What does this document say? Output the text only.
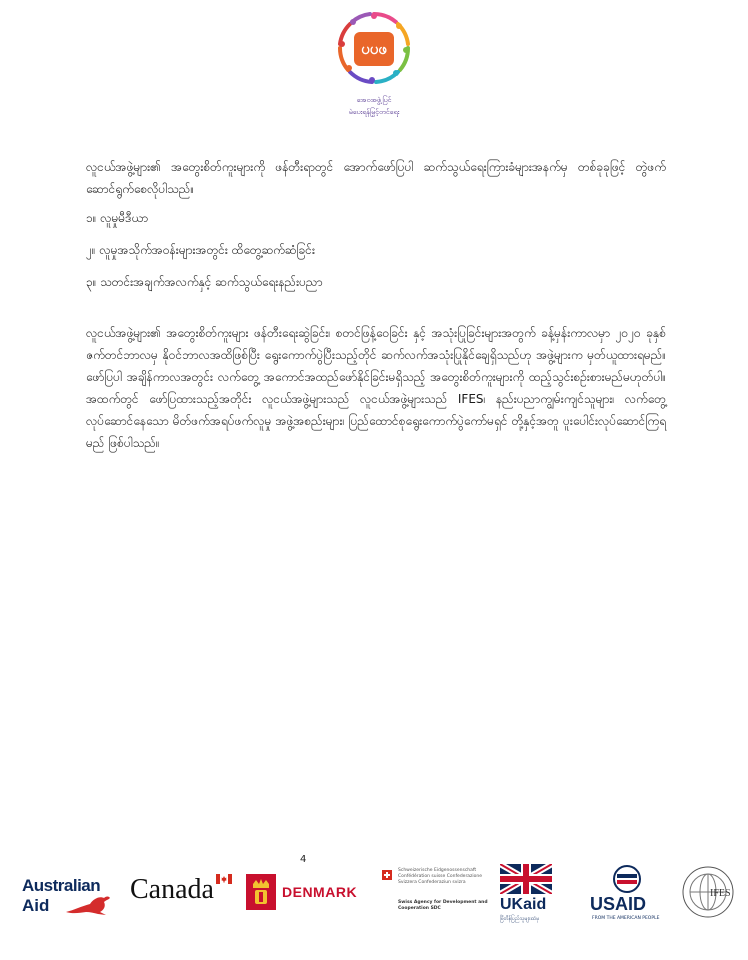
ပပဖ
အေဝအဖွဲ့ပြင်
မဲပေးရန်မြှင့်တင်ရေး
လူငယ်အဖွဲ့များ၏ အတွေးစိတ်ကူးများကို ဖန်တီးရာတွင် အောက်ဖော်ပြပါ ဆက်သွယ်ရေးကြားခံများအနက်မှ တစ်ခုခုဖြင့် တွဲဖက်ဆောင်ရွက်စေလိုပါသည်။
၁။ လူမှုမီဒီယာ
၂။ လူမှုအသိုက်အဝန်းများအတွင်း ထိတွေ့ဆက်ဆံခြင်း
၃။ သတင်းအချက်အလက်နှင့် ဆက်သွယ်ရေးနည်းပညာ
လူငယ်အဖွဲ့များ၏ အတွေးစိတ်ကူးများ ဖန်တီးရေးဆွဲခြင်း၊ စတင်ဖြန့်ဝေခြင်း နှင့် အသုံးပြုခြင်းများအတွက် ခန့်မှန်းကာလမှာ ၂၀၂၀ ခုနှစ် ဇက်တင်ဘာလမှ နိုဝင်ဘာလအထိဖြစ်ပြီး ရွေးကောက်ပွဲပြီးသည့်တိုင် ဆက်လက်အသုံးပြုနိုင်ချေရှိသည်ဟု အဖွဲ့များက မှတ်ယူထားရမည်။ ဖော်ပြပါ အချိန်ကာလအတွင်း လက်တွေ့ အကောင်အထည်ဖော်နိုင်ခြင်းမရှိသည့် အတွေးစိတ်ကူးများကို ထည့်သွင်းစဉ်းစားမည်မဟုတ်ပါ။ အထက်တွင် ဖော်ပြထားသည့်အတိုင်း လူငယ်အဖွဲ့များသည် လူငယ်အဖွဲ့များသည် IFES၊ နည်းပညာကျွမ်းကျင်သူများ၊ လက်တွေ့လုပ်ဆောင်နေသော မိတ်ဖက်အရပ်ဖက်လူမှု အဖွဲ့အစည်းများ၊ ပြည်ထောင်စုရွေးကောက်ပွဲကော်မရှင် တို့နှင့်အတူ ပူးပေါင်းလုပ်ဆောင်ကြရမည် ဖြစ်ပါသည်။
4
Australian
Aid
Canada	DENMARK
Schweizerische Eidgenossenschaft Confédération suisse Confederazione Svizzera Confederaziun svizra
Swiss Agency for Development and Cooperation SDC	UKaid
ဗြိတိန်ပြည်သူများထံမှ
USAID
FROM THE AMERICAN PEOPLE
IFES
